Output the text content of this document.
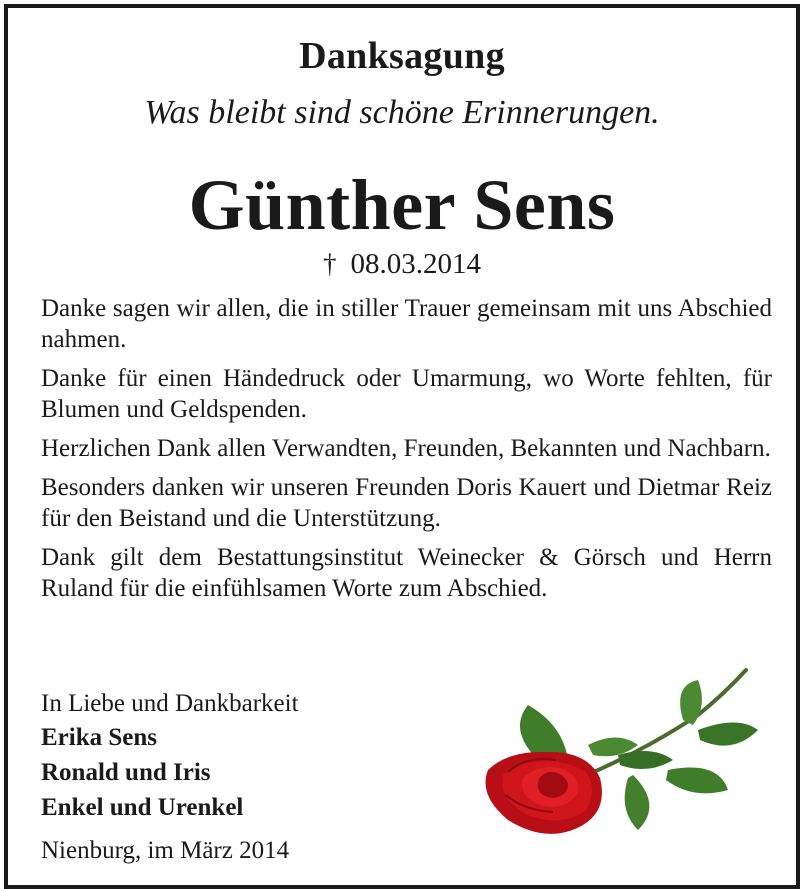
Danksagung
Was bleibt sind schöne Erinnerungen.
Günther Sens
† 08.03.2014

Danke sagen wir allen, die in stiller Trauer gemeinsam mit uns Abschied nahmen.

Danke für einen Händedruck oder Umarmung, wo Worte fehlten, für Blumen und Geldspenden.

Herzlichen Dank allen Verwandten, Freunden, Bekannten und Nachbarn.

Besonders danken wir unseren Freunden Doris Kauert und Dietmar Reiz für den Beistand und die Unterstützung.

Dank gilt dem Bestattungsinstitut Weinecker & Görsch und Herrn Ruland für die einfühlsamen Worte zum Abschied.

In Liebe und Dankbarkeit
Erika Sens
Ronald und Iris
Enkel und Urenkel
Nienburg, im März 2014
